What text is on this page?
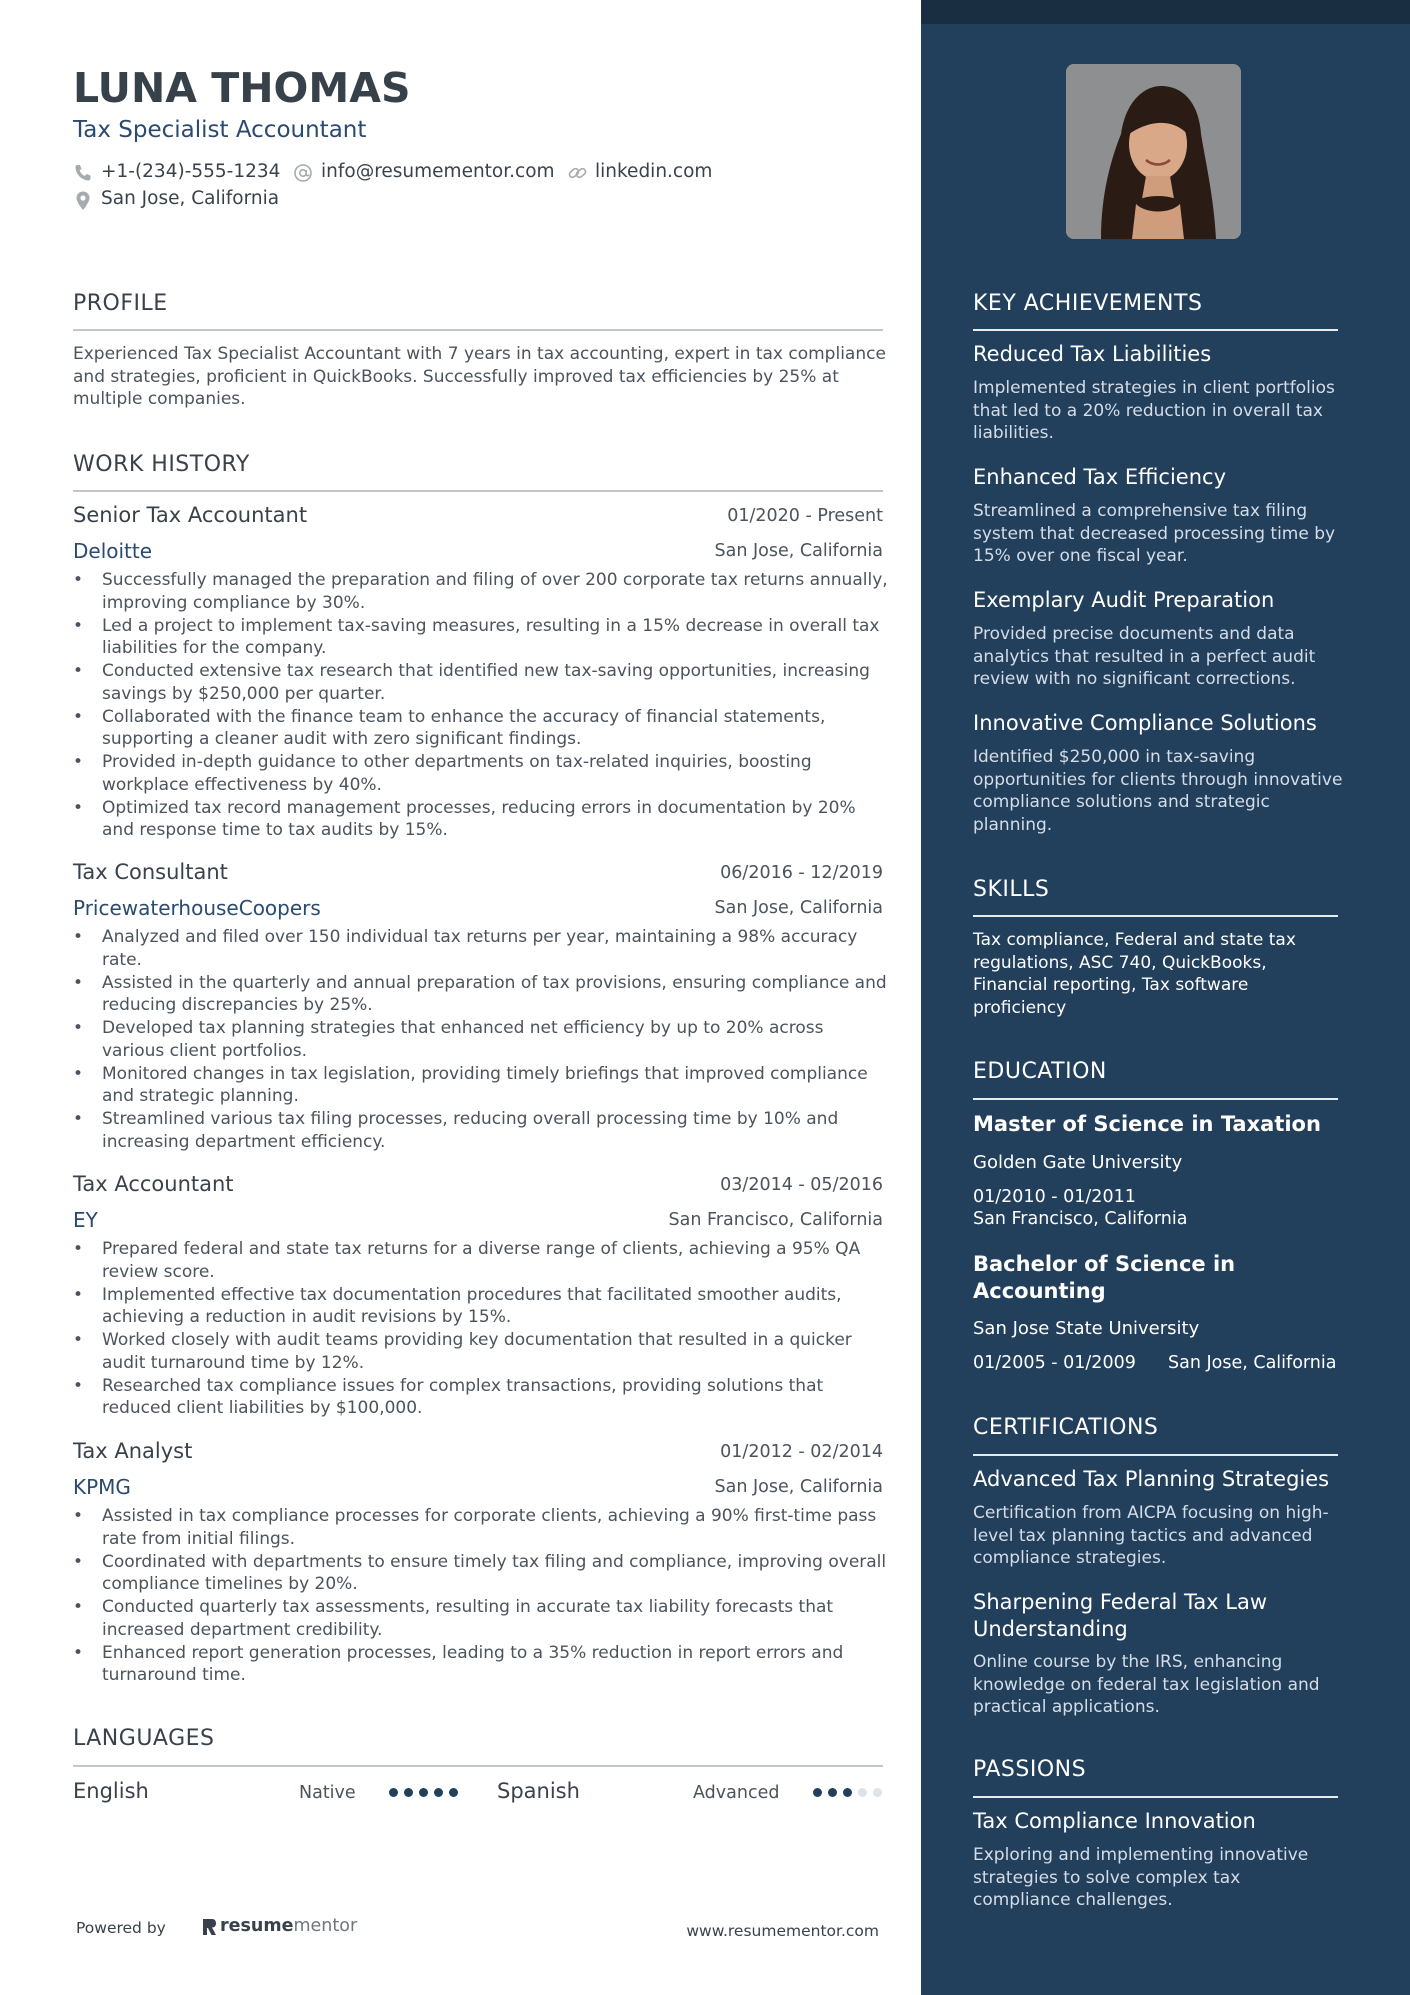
LUNA THOMAS
Tax Specialist Accountant
+1-(234)-555-1234 info@resumementor.com linkedin.com
San Jose, California
PROFILE
Experienced Tax Specialist Accountant with 7 years in tax accounting, expert in tax compliance and strategies, proficient in QuickBooks. Successfully improved tax efficiencies by 25% at multiple companies.
WORK HISTORY
Senior Tax Accountant	01/2020 - Present
Deloitte	San Jose, California
• Successfully managed the preparation and filing of over 200 corporate tax returns annually, improving compliance by 30%.
• Led a project to implement tax-saving measures, resulting in a 15% decrease in overall tax liabilities for the company.
• Conducted extensive tax research that identified new tax-saving opportunities, increasing savings by $250,000 per quarter.
• Collaborated with the finance team to enhance the accuracy of financial statements, supporting a cleaner audit with zero significant findings.
• Provided in-depth guidance to other departments on tax-related inquiries, boosting workplace effectiveness by 40%.
• Optimized tax record management processes, reducing errors in documentation by 20% and response time to tax audits by 15%.
Tax Consultant	06/2016 - 12/2019
PricewaterhouseCoopers	San Jose, California
• Analyzed and filed over 150 individual tax returns per year, maintaining a 98% accuracy rate.
• Assisted in the quarterly and annual preparation of tax provisions, ensuring compliance and reducing discrepancies by 25%.
• Developed tax planning strategies that enhanced net efficiency by up to 20% across various client portfolios.
• Monitored changes in tax legislation, providing timely briefings that improved compliance and strategic planning.
• Streamlined various tax filing processes, reducing overall processing time by 10% and increasing department efficiency.
Tax Accountant	03/2014 - 05/2016
EY	San Francisco, California
• Prepared federal and state tax returns for a diverse range of clients, achieving a 95% QA review score.
• Implemented effective tax documentation procedures that facilitated smoother audits, achieving a reduction in audit revisions by 15%.
• Worked closely with audit teams providing key documentation that resulted in a quicker audit turnaround time by 12%.
• Researched tax compliance issues for complex transactions, providing solutions that reduced client liabilities by $100,000.
Tax Analyst	01/2012 - 02/2014
KPMG	San Jose, California
• Assisted in tax compliance processes for corporate clients, achieving a 90% first-time pass rate from initial filings.
• Coordinated with departments to ensure timely tax filing and compliance, improving overall compliance timelines by 20%.
• Conducted quarterly tax assessments, resulting in accurate tax liability forecasts that increased department credibility.
• Enhanced report generation processes, leading to a 35% reduction in report errors and turnaround time.
LANGUAGES
English	Native	Spanish	Advanced
Powered by	resumementor	www.resumementor.com
KEY ACHIEVEMENTS
Reduced Tax Liabilities
Implemented strategies in client portfolios that led to a 20% reduction in overall tax liabilities.
Enhanced Tax Efficiency
Streamlined a comprehensive tax filing system that decreased processing time by 15% over one fiscal year.
Exemplary Audit Preparation
Provided precise documents and data analytics that resulted in a perfect audit review with no significant corrections.
Innovative Compliance Solutions
Identified $250,000 in tax-saving opportunities for clients through innovative compliance solutions and strategic planning.
SKILLS
Tax compliance, Federal and state tax regulations, ASC 740, QuickBooks, Financial reporting, Tax software proficiency
EDUCATION
Master of Science in Taxation
Golden Gate University
01/2010 - 01/2011
San Francisco, California
Bachelor of Science in Accounting
San Jose State University
01/2005 - 01/2009 San Jose, California
CERTIFICATIONS
Advanced Tax Planning Strategies
Certification from AICPA focusing on high-level tax planning tactics and advanced compliance strategies.
Sharpening Federal Tax Law Understanding
Online course by the IRS, enhancing knowledge on federal tax legislation and practical applications.
PASSIONS
Tax Compliance Innovation
Exploring and implementing innovative strategies to solve complex tax compliance challenges.
